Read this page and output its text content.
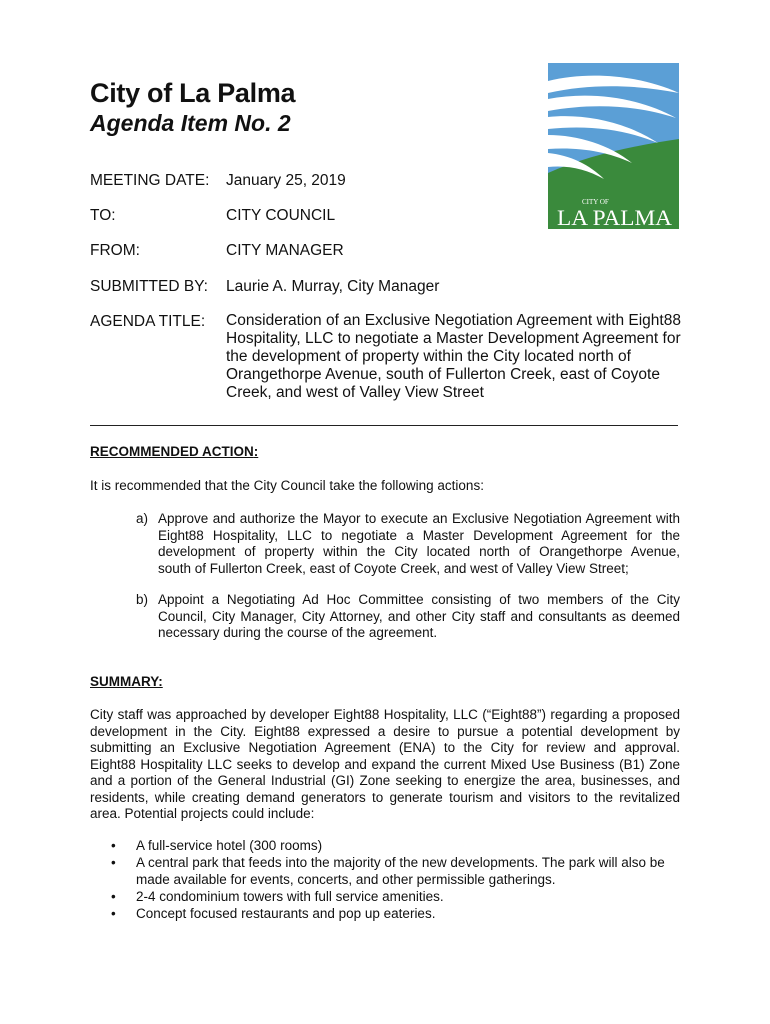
City of La Palma
Agenda Item No. 2
CITY OF
LA PALMA
MEETING DATE:	January 25, 2019
TO:	CITY COUNCIL
FROM:	CITY MANAGER
SUBMITTED BY:	Laurie A. Murray, City Manager
AGENDA TITLE:	Consideration of an Exclusive Negotiation Agreement with Eight88
Hospitality, LLC to negotiate a Master Development Agreement for
the development of property within the City located north of
Orangethorpe Avenue, south of Fullerton Creek, east of Coyote
Creek, and west of Valley View Street
RECOMMENDED ACTION:
It is recommended that the City Council take the following actions:
a) Approve and authorize the Mayor to execute an Exclusive Negotiation Agreement with
Eight88 Hospitality, LLC to negotiate a Master Development Agreement for the
development of property within the City located north of Orangethorpe Avenue,
south of Fullerton Creek, east of Coyote Creek, and west of Valley View Street;
b) Appoint a Negotiating Ad Hoc Committee consisting of two members of the City
Council, City Manager, City Attorney, and other City staff and consultants as deemed
necessary during the course of the agreement.
SUMMARY:
City staff was approached by developer Eight88 Hospitality, LLC (“Eight88”) regarding a proposed
development in the City. Eight88 expressed a desire to pursue a potential development by
submitting an Exclusive Negotiation Agreement (ENA) to the City for review and approval.
Eight88 Hospitality LLC seeks to develop and expand the current Mixed Use Business (B1) Zone
and a portion of the General Industrial (GI) Zone seeking to energize the area, businesses, and
residents, while creating demand generators to generate tourism and visitors to the revitalized
area. Potential projects could include:
• A full-service hotel (300 rooms)
• A central park that feeds into the majority of the new developments. The park will also be
made available for events, concerts, and other permissible gatherings.
• 2-4 condominium towers with full service amenities.
• Concept focused restaurants and pop up eateries.
